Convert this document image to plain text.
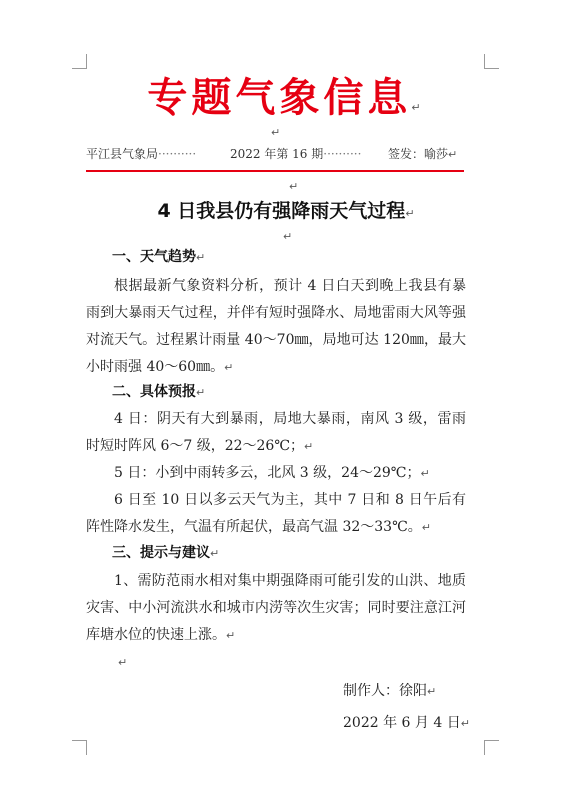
专题气象信息↵
↵
平江县气象局··········	2022 年第 16 期·········· 签发：喻莎↵
↵
4 日我县仍有强降雨天气过程↵
↵
一、天气趋势↵
根据最新气象资料分析，预计 4 日白天到晚上我县有暴雨到大暴雨天气过程，并伴有短时强降水、局地雷雨大风等强对流天气。过程累计雨量 40～70㎜，局地可达 120㎜，最大小时雨强 40～60㎜。↵
二、具体预报↵
4 日：阴天有大到暴雨，局地大暴雨，南风 3 级，雷雨时短时阵风 6～7 级，22～26℃；↵
5 日：小到中雨转多云，北风 3 级，24～29℃；↵
6 日至 10 日以多云天气为主，其中 7 日和 8 日午后有阵性降水发生，气温有所起伏，最高气温 32～33℃。↵
三、提示与建议↵
1、需防范雨水相对集中期强降雨可能引发的山洪、地质灾害、中小河流洪水和城市内涝等次生灾害；同时要注意江河库塘水位的快速上涨。↵
↵
制作人：徐阳↵
2022 年 6 月 4 日↵
